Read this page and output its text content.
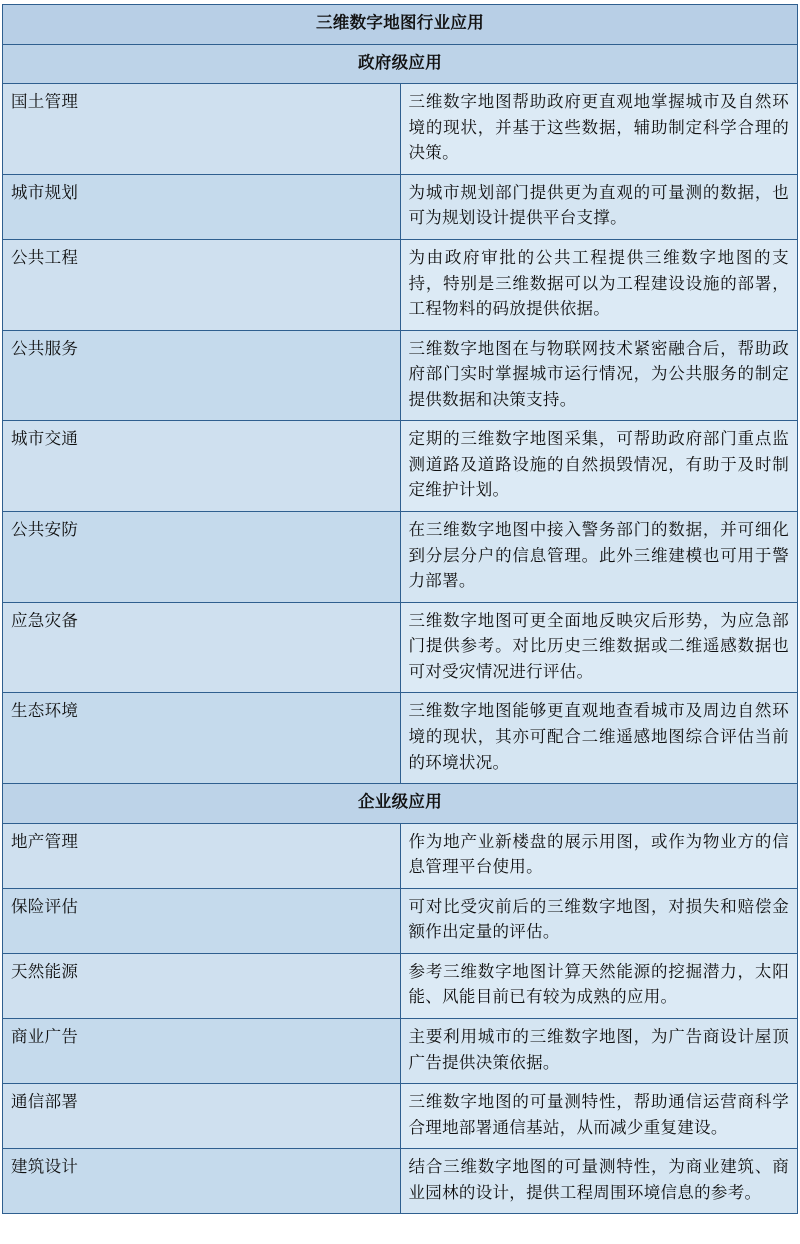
三维数字地图行业应用	
政府级应用	
国土管理	三维数字地图帮助政府更直观地掌握城市及自然环境的现状，并基于这些数据，辅助制定科学合理的决策。
城市规划	为城市规划部门提供更为直观的可量测的数据，也可为规划设计提供平台支撑。
公共工程	为由政府审批的公共工程提供三维数字地图的支持，特别是三维数据可以为工程建设设施的部署，工程物料的码放提供依据。
公共服务	三维数字地图在与物联网技术紧密融合后，帮助政府部门实时掌握城市运行情况，为公共服务的制定提供数据和决策支持。
城市交通	定期的三维数字地图采集，可帮助政府部门重点监测道路及道路设施的自然损毁情况，有助于及时制定维护计划。
公共安防	在三维数字地图中接入警务部门的数据，并可细化到分层分户的信息管理。此外三维建模也可用于警力部署。
应急灾备	三维数字地图可更全面地反映灾后形势，为应急部门提供参考。对比历史三维数据或二维遥感数据也可对受灾情况进行评估。
生态环境	三维数字地图能够更直观地查看城市及周边自然环境的现状，其亦可配合二维遥感地图综合评估当前的环境状况。
企业级应用	
地产管理	作为地产业新楼盘的展示用图，或作为物业方的信息管理平台使用。
保险评估	可对比受灾前后的三维数字地图，对损失和赔偿金额作出定量的评估。
天然能源	参考三维数字地图计算天然能源的挖掘潜力，太阳能、风能目前已有较为成熟的应用。
商业广告	主要利用城市的三维数字地图，为广告商设计屋顶广告提供决策依据。
通信部署	三维数字地图的可量测特性，帮助通信运营商科学合理地部署通信基站，从而减少重复建设。
建筑设计	结合三维数字地图的可量测特性，为商业建筑、商业园林的设计，提供工程周围环境信息的参考。
